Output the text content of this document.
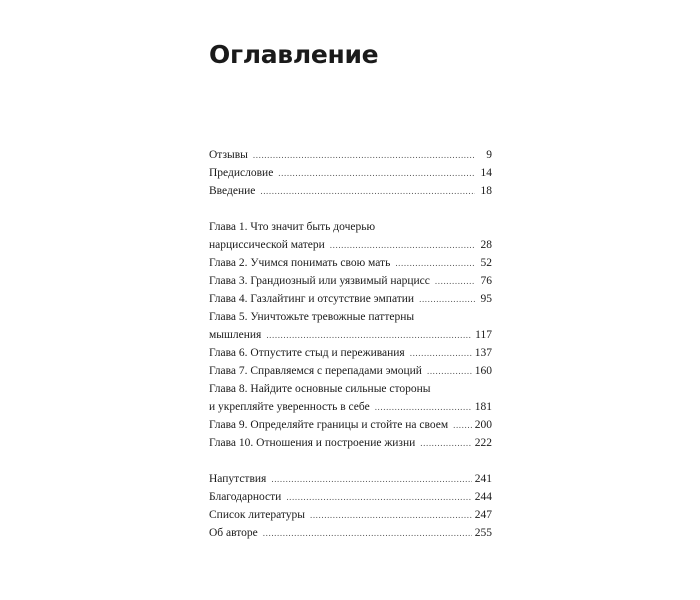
Оглавление
Отзывы .....	9
Предисловие .....	14
Введение .....	18
Глава 1. Что значит быть дочерью
нарциссической матери .....	28
Глава 2. Учимся понимать свою мать .....	52
Глава 3. Грандиозный или уязвимый нарцисс .....	76
Глава 4. Газлайтинг и отсутствие эмпатии .....	95
Глава 5. Уничтожьте тревожные паттерны
мышления .....	117
Глава 6. Отпустите стыд и переживания .....	137
Глава 7. Справляемся с перепадами эмоций .....	160
Глава 8. Найдите основные сильные стороны
и укрепляйте уверенность в себе .....	181
Глава 9. Определяйте границы и стойте на своем ..... 200
Глава 10. Отношения и построение жизни .....	222
Напутствия .....	241
Благодарности .....	244
Список литературы .....	247
Об авторе .....	255
